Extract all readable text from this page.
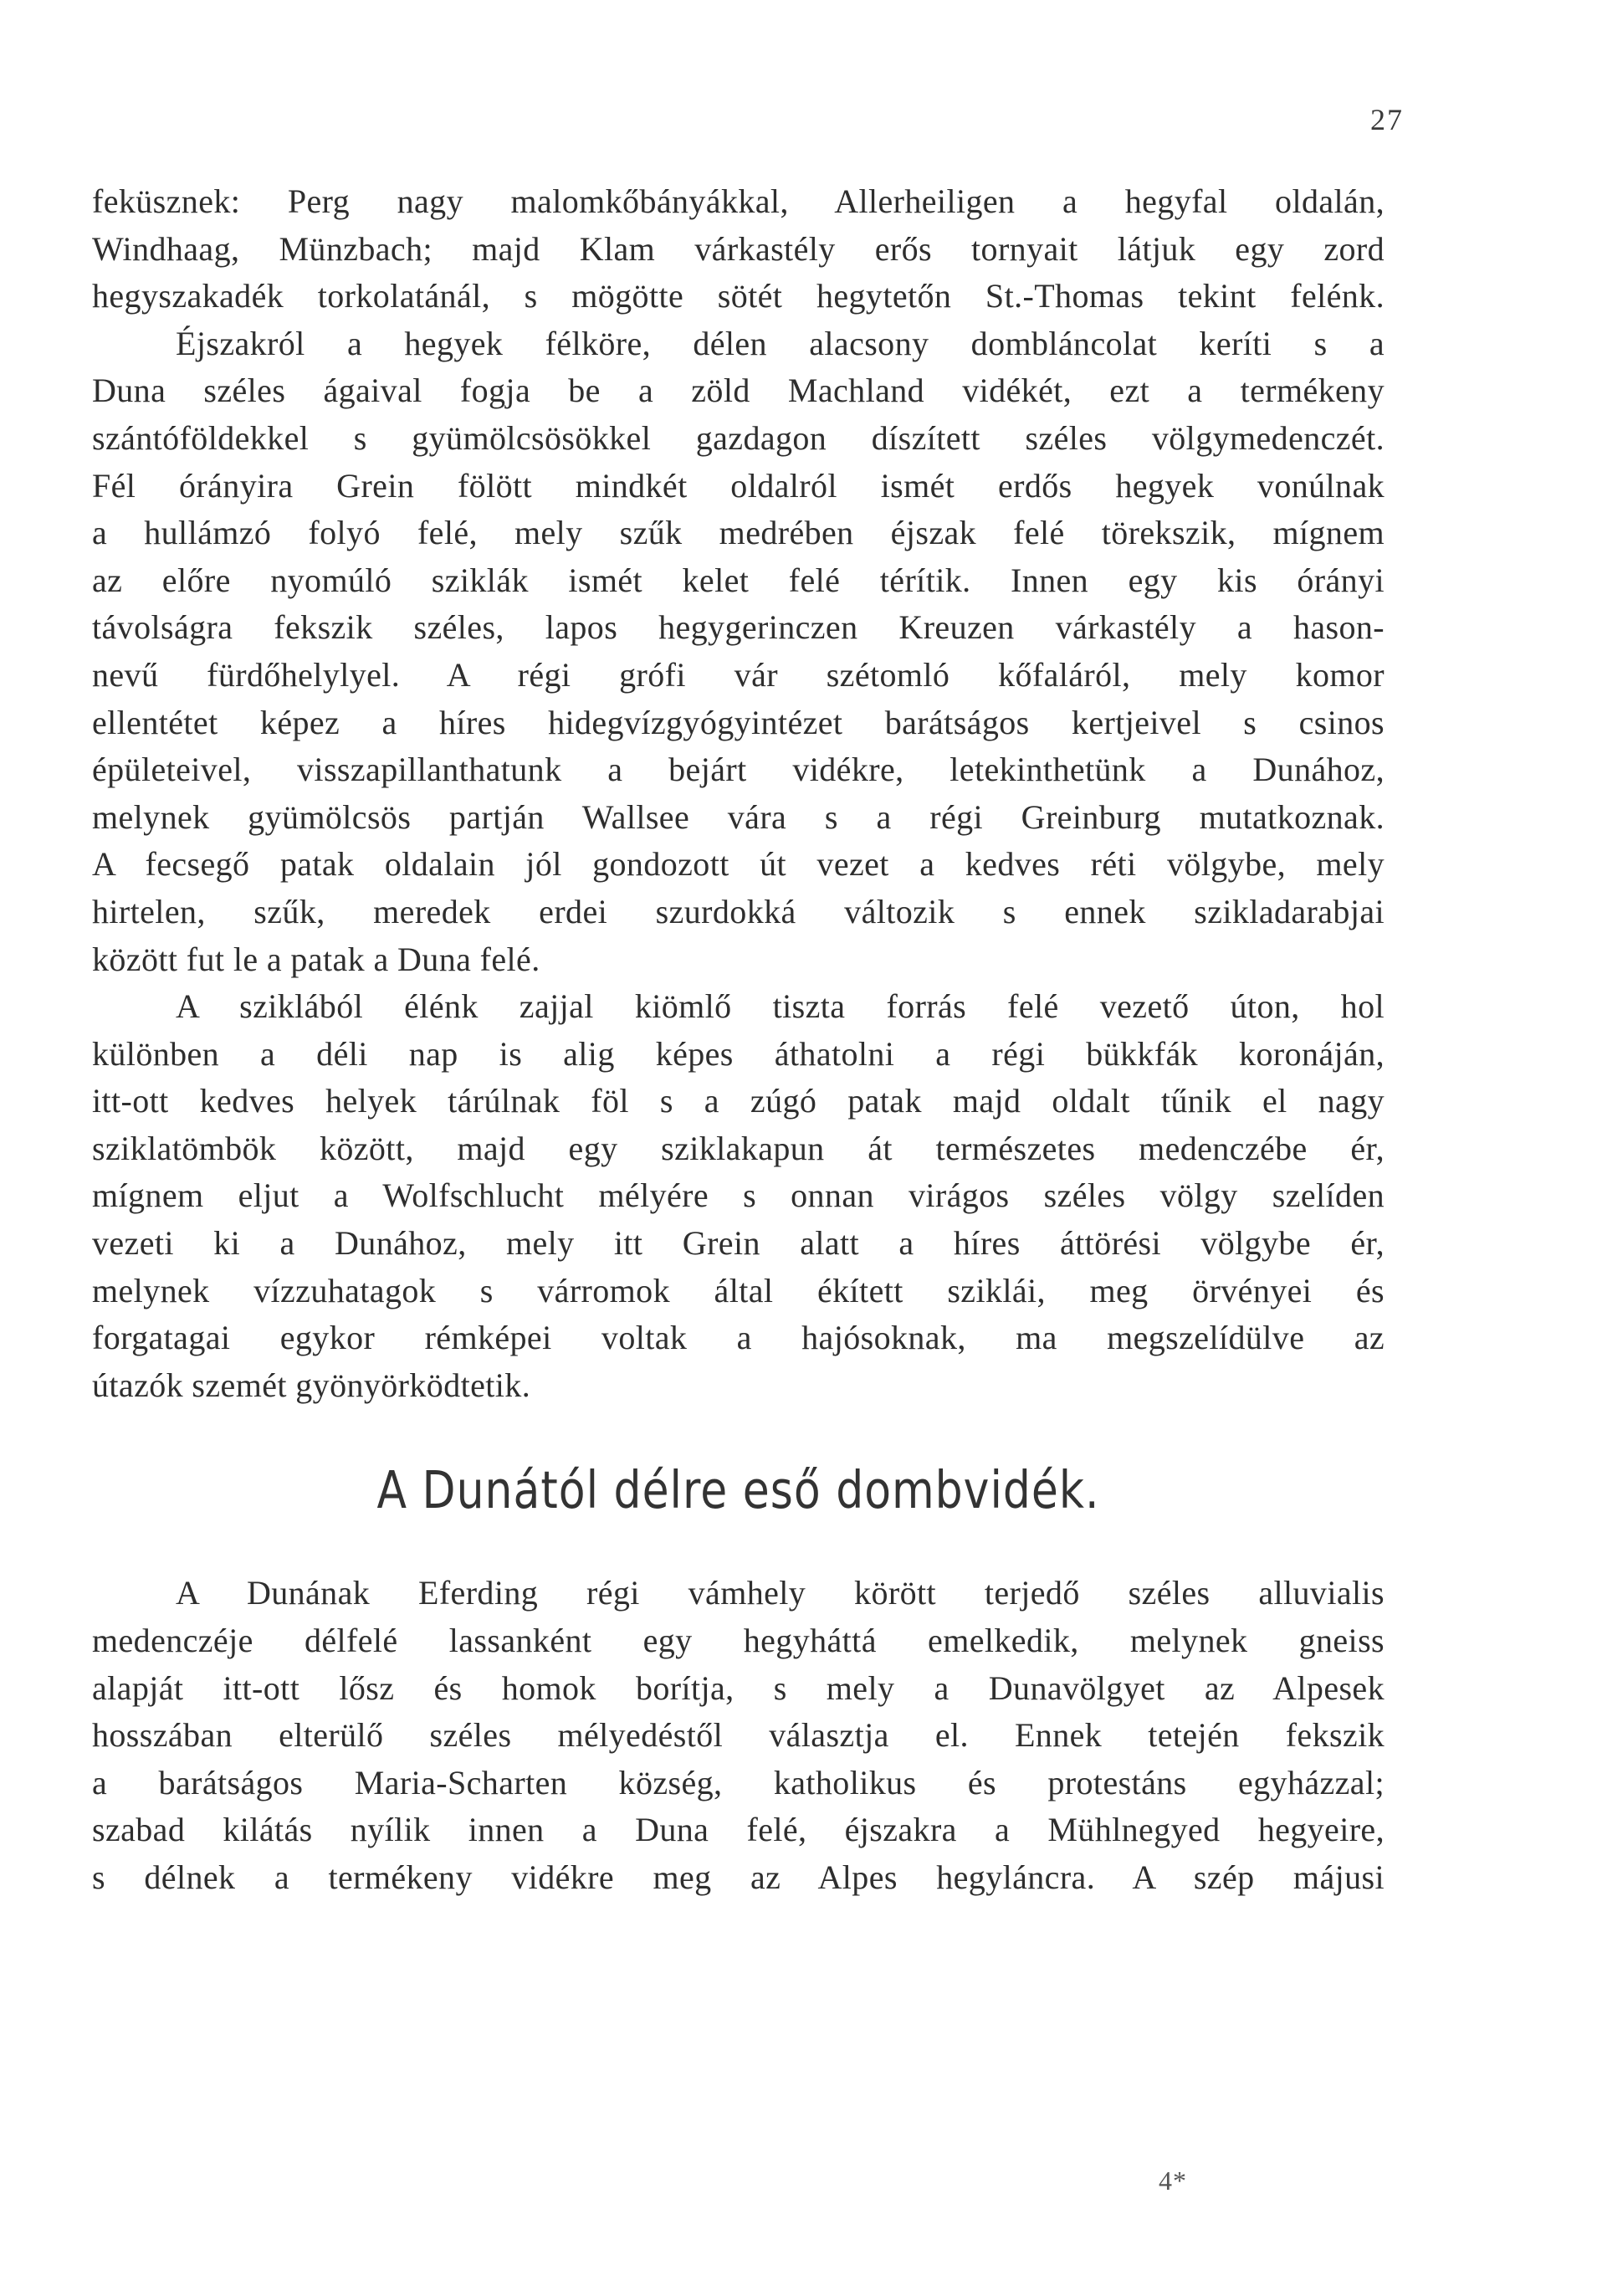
27
feküsznek: Perg nagy malomkőbányákkal, Allerheiligen a hegyfal oldalán,
Windhaag, Münzbach; majd Klam várkastély erős tornyait látjuk egy zord
hegyszakadék torkolatánál, s mögötte sötét hegytetőn St.-Thomas tekint felénk.
Éjszakról a hegyek félköre, délen alacsony dombláncolat keríti s a
Duna széles ágaival fogja be a zöld Machland vidékét, ezt a termékeny
szántóföldekkel s gyümölcsösökkel gazdagon díszített széles völgymedenczét.
Fél órányira Grein fölött mindkét oldalról ismét erdős hegyek vonúlnak
a hullámzó folyó felé, mely szűk medrében éjszak felé törekszik, mígnem
az előre nyomúló sziklák ismét kelet felé térítik. Innen egy kis órányi
távolságra fekszik széles, lapos hegygerinczen Kreuzen várkastély a hason-
nevű fürdőhelylyel. A régi grófi vár szétomló kőfaláról, mely komor
ellentétet képez a híres hidegvízgyógyintézet barátságos kertjeivel s csinos
épületeivel, visszapillanthatunk a bejárt vidékre, letekinthetünk a Dunához,
melynek gyümölcsös partján Wallsee vára s a régi Greinburg mutatkoznak.
A fecsegő patak oldalain jól gondozott út vezet a kedves réti völgybe, mely
hirtelen, szűk, meredek erdei szurdokká változik s ennek szikladarabjai
között fut le a patak a Duna felé.
A sziklából élénk zajjal kiömlő tiszta forrás felé vezető úton, hol
különben a déli nap is alig képes áthatolni a régi bükkfák koronáján,
itt-ott kedves helyek tárúlnak föl s a zúgó patak majd oldalt tűnik el nagy
sziklatömbök között, majd egy sziklakapun át természetes medenczébe ér,
mígnem eljut a Wolfschlucht mélyére s onnan virágos széles völgy szelíden
vezeti ki a Dunához, mely itt Grein alatt a híres áttörési völgybe ér,
melynek vízzuhatagok s várromok által ékített sziklái, meg örvényei és
forgatagai egykor rémképei voltak a hajósoknak, ma megszelídülve az
útazók szemét gyönyörködtetik.
A Dunától délre eső dombvidék.
A Dunának Eferding régi vámhely körött terjedő széles alluvialis
medenczéje délfelé lassanként egy hegyháttá emelkedik, melynek gneiss
alapját itt-ott lősz és homok borítja, s mely a Dunavölgyet az Alpesek
hosszában elterülő széles mélyedéstől választja el. Ennek tetején fekszik
a barátságos Maria-Scharten község, katholikus és protestáns egyházzal;
szabad kilátás nyílik innen a Duna felé, éjszakra a Mühlnegyed hegyeire,
s délnek a termékeny vidékre meg az Alpes hegyláncra. A szép májusi
4*
